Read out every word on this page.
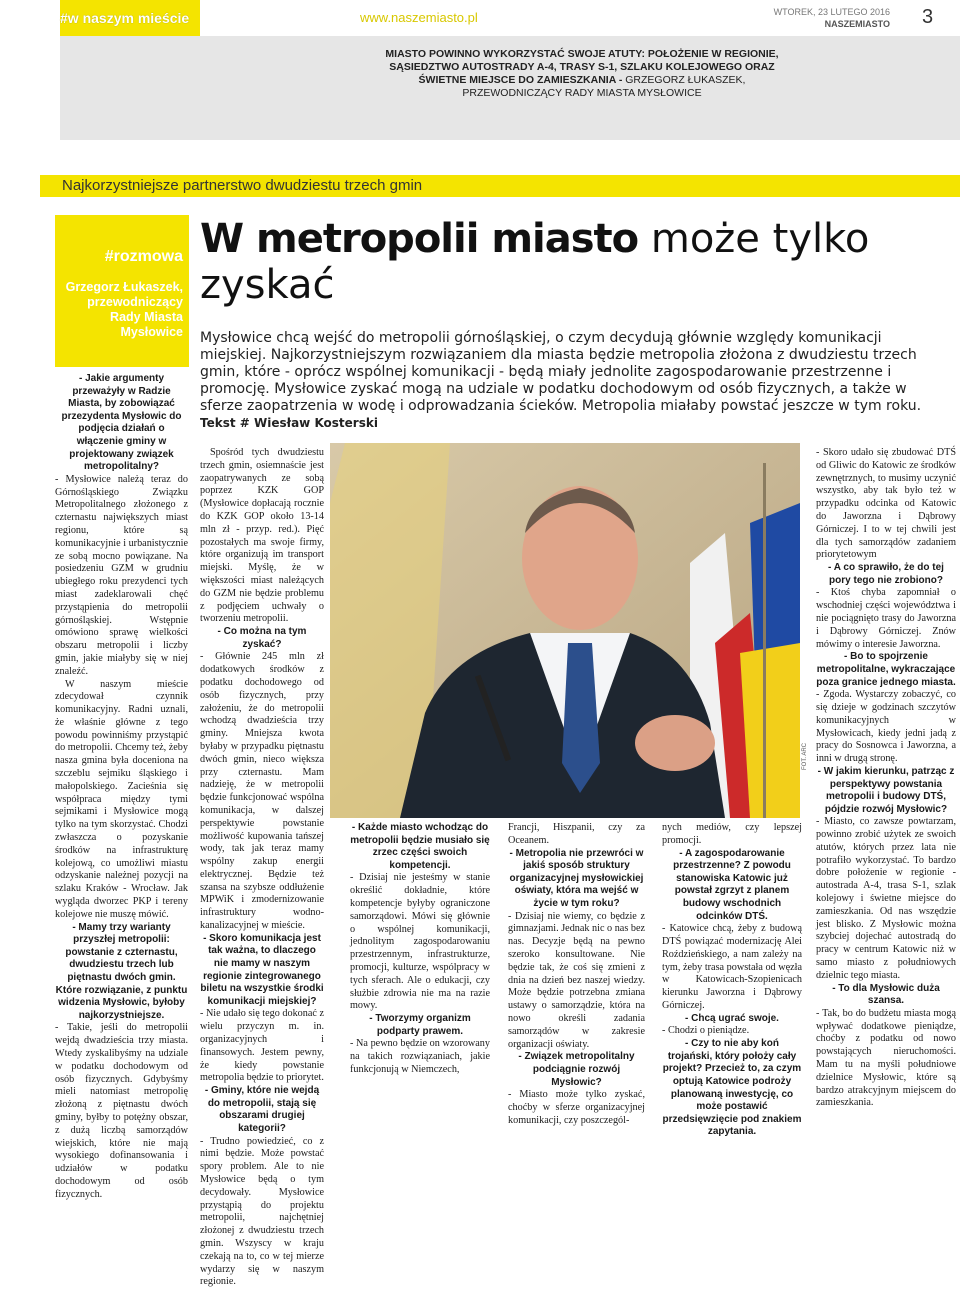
#w naszym mieście	www.naszemiasto.pl	WTOREK, 23 LUTEGO 2016
NASZEMIASTO 3
MIASTO POWINNO WYKORZYSTAĆ SWOJE ATUTY: POŁOŻENIE W REGIONIE, SĄSIEDZTWO AUTOSTRADY A-4, TRASY S-1, SZLAKU KOLEJOWEGO ORAZ ŚWIETNE MIEJSCE DO ZAMIESZKANIA - GRZEGORZ ŁUKASZEK, PRZEWODNICZĄCY RADY MIASTA MYSŁOWICE
Najkorzystniejsze partnerstwo dwudziestu trzech gmin
#rozmowa
Grzegorz Łukaszek, przewodniczący Rady Miasta Mysłowice
W metropolii miasto może tylko zyskać
Mysłowice chcą wejść do metropolii górnośląskiej, o czym decydują głównie względy komunikacji miejskiej. Najkorzystniejszym rozwiązaniem dla miasta będzie metropolia złożona z dwudziestu trzech gmin, które - oprócz wspólnej komunikacji - będą miały jednolite zagospodarowanie przestrzenne i promocję. Mysłowice zyskać mogą na udziale w podatku dochodowym od osób fizycznych, a także w sferze zaopatrzenia w wodę i odprowadzania ścieków. Metropolia miałaby powstać jeszcze w tym roku. Tekst # Wiesław Kosterski
FOT. ARC
- Jakie argumenty przeważyły w Radzie Miasta, by zobowiązać przezydenta Mysłowic do podjęcia działań o włączenie gminy w projektowany związek metropolitalny?

- Mysłowice należą teraz do Górnośląskiego Związku Metropolitalnego złożonego z czternastu największych miast regionu, które są komunikacyjnie i urbanistycznie ze sobą mocno powiązane. Na posiedzeniu GZM w grudniu ubiegłego roku prezydenci tych miast zadeklarowali chęć przystąpienia do metropolii górnośląskiej. Wstępnie omówiono sprawę wielkości obszaru metropolii i liczby gmin, jakie miałyby się w niej znaleźć.

W naszym mieście zdecydował czynnik komunikacyjny. Radni uznali, że właśnie główne z tego powodu powinniśmy przystąpić do metropolii. Chcemy też, żeby nasza gmina była doceniona na szczeblu sejmiku śląskiego i małopolskiego. Zacieśnia się współpraca między tymi sejmikami i Mysłowice mogą tylko na tym skorzystać. Chodzi zwłaszcza o pozyskanie środków na infrastrukturę kolejową, co umożliwi miastu odzyskanie należnej pozycji na szlaku Kraków - Wrocław. Jak wygląda dworzec PKP i tereny kolejowe nie muszę mówić.

- Mamy trzy warianty przyszłej metropolii: powstanie z czternastu, dwudziestu trzech lub piętnastu dwóch gmin. Które rozwiązanie, z punktu widzenia Mysłowic, byłoby najkorzystniejsze.

- Takie, jeśli do metropolii wejdą dwadzieścia trzy miasta. Wtedy zyskalibyśmy na udziale w podatku dochodowym od osób fizycznych. Gdybyśmy mieli natomiast metropolię złożoną z piętnastu dwóch gminy, byłby to potężny obszar, z dużą liczbą samorządów wiejskich, które nie mają wysokiego dofinansowania i udziałów w podatku dochodowym od osób fizycznych.

Spośród tych dwudziestu trzech gmin, osiemnaście jest zaopatrywanych ze sobą poprzez KZK GOP (Mysłowice dopłacają rocznie do KZK GOP około 13-14 mln zł - przyp. red.). Pięć pozostałych ma swoje firmy, które organizują im transport miejski. Myślę, że w większości miast należących do GZM nie będzie problemu z podjęciem uchwały o tworzeniu metropolii.

- Co można na tym zyskać?

- Głównie 245 mln zł dodatkowych środków z podatku dochodowego od osób fizycznych, przy założeniu, że do metropolii wchodzą dwadzieścia trzy gminy. Mniejsza kwota byłaby w przypadku piętnastu dwóch gmin, nieco większa przy czternastu. Mam nadzieję, że w metropolii będzie funkcjonować wspólna komunikacja, w dalszej perspektywie powstanie możliwość kupowania tańszej wody, tak jak teraz mamy wspólny zakup energii elektrycznej. Będzie też szansa na szybsze oddłużenie MPWiK i zmodernizowanie infrastruktury wodno-kanalizacyjnej w mieście.

- Skoro komunikacja jest tak ważna, to dlaczego nie mamy w naszym regionie zintegrowanego biletu na wszystkie środki komunikacji miejskiej?

- Nie udało się tego dokonać z wielu przyczyn m. in. organizacyjnych i finansowych. Jestem pewny, że kiedy powstanie metropolia będzie to priorytet.

- Gminy, które nie wejdą do metropolii, stają się obszarami drugiej kategorii?

- Trudno powiedzieć, co z nimi będzie. Może powstać spory problem. Ale to nie Mysłowice będą o tym decydowały. Mysłowice przystąpią do projektu metropolii, najchętniej złożonej z dwudziestu trzech gmin. Wszyscy w kraju czekają na to, co w tej mierze wydarzy się w naszym regionie.

- Każde miasto wchodząc do metropolii będzie musiało się zrzec części swoich kompetencji.

- Dzisiaj nie jesteśmy w stanie określić dokładnie, które kompetencje byłyby ograniczone samorządowi. Mówi się głównie o wspólnej komunikacji, jednolitym zagospodarowaniu przestrzennym, infrastrukturze, promocji, kulturze, wspólpracy w tych sferach. Ale o edukacji, czy służbie zdrowia nie ma na razie mowy.

- Tworzymy organizm podparty prawem.

- Na pewno będzie on wzorowany na takich rozwiązaniach, jakie funkcjonują w Niemczech,

Francji, Hiszpanii, czy za Oceanem.

- Metropolia nie przewróci w jakiś sposób struktury organizacyjnej mysłowickiej oświaty, która ma wejść w życie w tym roku?

- Dzisiaj nie wiemy, co będzie z gimnazjami. Jednak nic o nas bez nas. Decyzje będą na pewno szeroko konsultowane. Nie będzie tak, że coś się zmieni z dnia na dzień bez naszej wiedzy. Może będzie potrzebna zmiana ustawy o samorządzie, która na nowo określi zadania samorządów w zakresie organizacji oświaty.

- Związek metropolitalny podciągnie rozwój Mysłowic?

- Miasto może tylko zyskać, choćby w sferze organizacyjnej komunikacji, czy poszczegól-

nych mediów, czy lepszej promocji.

- A zagospodarowanie przestrzenne? Z powodu stanowiska Katowic już powstał zgrzyt z planem budowy wschodnich odcinków DTŚ.

- Katowice chcą, żeby z budową DTŚ powiązać modernizację Alei Roździeńskiego, a nam zależy na tym, żeby trasa powstała od węzła w Katowicach-Szopienicach kierunku Jaworzna i Dąbrowy Górniczej.

- Chcą ugrać swoje.

- Chodzi o pieniądze.

- Czy to nie aby koń trojański, który położy cały projekt? Przecież to, za czym optują Katowice podroży planowaną inwestycję, co może postawić przedsięwzięcie pod znakiem zapytania.

- Skoro udało się zbudować DTŚ od Gliwic do Katowic ze środków zewnętrznych, to musimy uczynić wszystko, aby tak było też w przypadku odcinka od Katowic do Jaworzna i Dąbrowy Górniczej. I to w tej chwili jest dla tych samorządów zadaniem priorytetowym

- A co sprawiło, że do tej pory tego nie zrobiono?

- Ktoś chyba zapomniał o wschodniej części województwa i nie pociągnięto trasy do Jaworzna i Dąbrowy Górniczej. Znów mówimy o interesie Jaworzna.

- Bo to spojrzenie metropolitalne, wykraczające poza granice jednego miasta.

- Zgoda. Wystarczy zobaczyć, co się dzieje w godzinach szczytów komunikacyjnych w Mysłowicach, kiedy jedni jadą z pracy do Sosnowca i Jaworzna, a inni w drugą stronę.

- W jakim kierunku, patrząc z perspektywy powstania metropolii i budowy DTŚ, pójdzie rozwój Mysłowic?

- Miasto, co zawsze powtarzam, powinno zrobić użytek ze swoich atutów, których przez lata nie potrafiło wykorzystać. To bardzo dobre położenie w regionie - autostrada A-4, trasa S-1, szlak kolejowy i świetne miejsce do zamieszkania. Od nas wszędzie jest blisko. Z Mysłowic można szybciej dojechać autostradą do pracy w centrum Katowic niż w samo miasto z południowych dzielnic tego miasta.

- To dla Mysłowic duża szansa.

- Tak, bo do budżetu miasta mogą wpływać dodatkowe pieniądze, choćby z podatku od nowo powstających nieruchomości. Mam tu na myśli południowe dzielnice Mysłowic, które są bardzo atrakcyjnym miejscem do zamieszkania.
